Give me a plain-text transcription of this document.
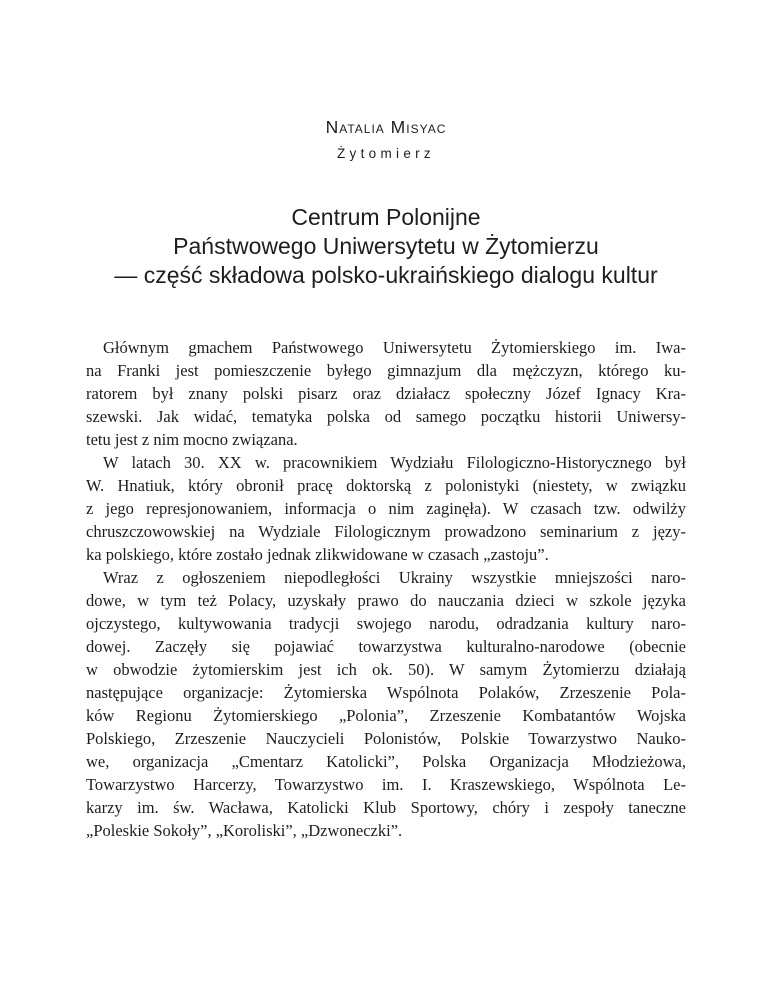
Natalia Misyac
Żytomierz
Centrum Polonijne
Państwowego Uniwersytetu w Żytomierzu
— część składowa polsko-ukraińskiego dialogu kultur
Głównym gmachem Państwowego Uniwersytetu Żytomierskiego im. Iwa-
na Franki jest pomieszczenie byłego gimnazjum dla mężczyzn, którego ku-
ratorem był znany polski pisarz oraz działacz społeczny Józef Ignacy Kra-
szewski. Jak widać, tematyka polska od samego początku historii Uniwersy-
tetu jest z nim mocno związana.
W latach 30. XX w. pracownikiem Wydziału Filologiczno-Historycznego był
W. Hnatiuk, który obronił pracę doktorską z polonistyki (niestety, w związku
z jego represjonowaniem, informacja o nim zaginęła). W czasach tzw. odwilży
chruszczowowskiej na Wydziale Filologicznym prowadzono seminarium z języ-
ka polskiego, które zostało jednak zlikwidowane w czasach „zastoju”.
Wraz z ogłoszeniem niepodległości Ukrainy wszystkie mniejszości naro-
dowe, w tym też Polacy, uzyskały prawo do nauczania dzieci w szkole języka
ojczystego, kultywowania tradycji swojego narodu, odradzania kultury naro-
dowej. Zaczęły się pojawiać towarzystwa kulturalno-narodowe (obecnie
w obwodzie żytomierskim jest ich ok. 50). W samym Żytomierzu działają
następujące organizacje: Żytomierska Wspólnota Polaków, Zrzeszenie Pola-
ków Regionu Żytomierskiego „Polonia”, Zrzeszenie Kombatantów Wojska
Polskiego, Zrzeszenie Nauczycieli Polonistów, Polskie Towarzystwo Nauko-
we, organizacja „Cmentarz Katolicki”, Polska Organizacja Młodzieżowa,
Towarzystwo Harcerzy, Towarzystwo im. I. Kraszewskiego, Wspólnota Le-
karzy im. św. Wacława, Katolicki Klub Sportowy, chóry i zespoły taneczne
„Poleskie Sokoły”, „Koroliski”, „Dzwoneczki”.
